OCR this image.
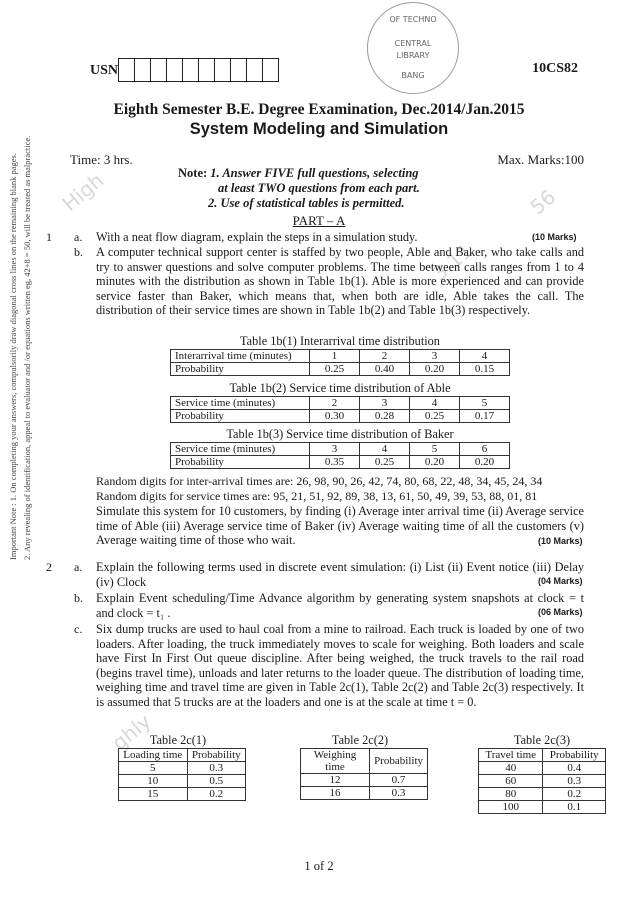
High	56
3.11
ghly
OF TECHNO
CENTRAL
LIBRARY
BANG
USN	10CS82
Eighth Semester B.E. Degree Examination, Dec.2014/Jan.2015
System Modeling and Simulation
Time: 3 hrs.	Max. Marks:100
Note: 1. Answer FIVE full questions, selecting
at least TWO questions from each part.
2. Use of statistical tables is permitted.
PART – A
Important Note : 1. On completing your answers, compulsorily draw diagonal cross lines on the remaining blank pages. 2. Any revealing of identification, appeal to evaluator and /or equations written eg, 42+8 = 50, will be treated as malpractice. 1 a. With a neat flow diagram, explain the steps in a simulation study.	(10 Marks)
b. A computer technical support center is staffed by two people, Able and Baker, who take calls and try to answer questions and solve computer problems. The time between calls ranges from 1 to 4 minutes with the distribution as shown in Table 1b(1). Able is more experienced and can provide service faster than Baker, which means that, when both are idle, Able takes the call. The distribution of their service times are shown in Table 1b(2) and Table 1b(3) respectively.
Table 1b(1) Interarrival time distribution
Interarrival time (minutes)	1	2	3	4
Probability	0.25	0.40	0.20	0.15
Table 1b(2) Service time distribution of Able
Service time (minutes)	2	3	4	5
Probability	0.30	0.28	0.25	0.17
Table 1b(3) Service time distribution of Baker
Service time (minutes)	3	4	5	6
Probability	0.35	0.25	0.20	0.20
Random digits for inter-arrival times are: 26, 98, 90, 26, 42, 74, 80, 68, 22, 48, 34, 45, 24, 34
Random digits for service times are: 95, 21, 51, 92, 89, 38, 13, 61, 50, 49, 39, 53, 88, 01, 81
Simulate this system for 10 customers, by finding (i) Average inter arrival time (ii) Average service time of Able (iii) Average service time of Baker (iv) Average waiting time of all the customers (v) Average waiting time of those who wait.	(10 Marks)
2 a. Explain the following terms used in discrete event simulation: (i) List (ii) Event notice (iii) Delay (iv) Clock	(04 Marks)
b. Explain Event scheduling/Time Advance algorithm by generating system snapshots at clock = t and clock = t₁ .	(06 Marks)
c. Six dump trucks are used to haul coal from a mine to railroad. Each truck is loaded by one of two loaders. After loading, the truck immediately moves to scale for weighing. Both loaders and scale have First In First Out queue discipline. After being weighed, the truck travels to the rail road (begins travel time), unloads and later returns to the loader queue. The distribution of loading time, weighing time and travel time are given in Table 2c(1), Table 2c(2) and Table 2c(3) respectively. It is assumed that 5 trucks are at the loaders and one is at the scale at time t = 0.
Table 2c(1)
Loading time	Probability
5	0.3
10	0.5
15	0.2
Table 2c(2)
Weighing time	Probability
12	0.7
16	0.3
Table 2c(3)
Travel time	Probability
40	0.4
60	0.3
80	0.2
100	0.1
1 of 2
